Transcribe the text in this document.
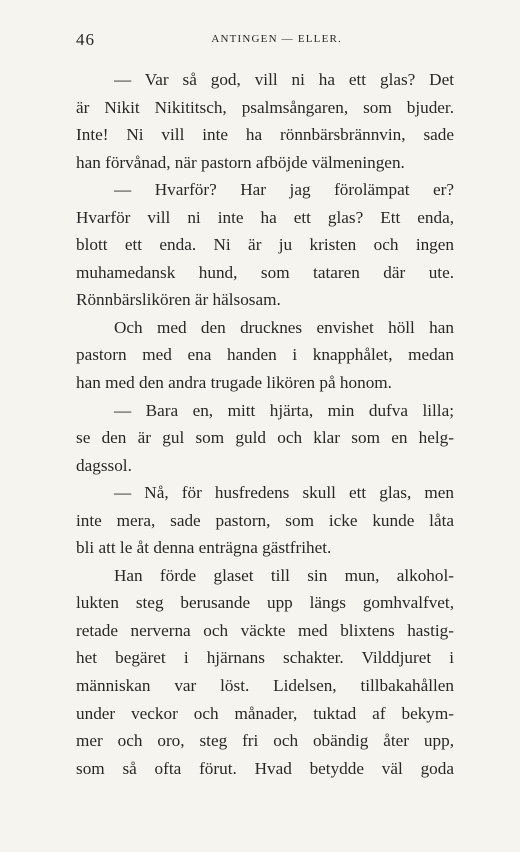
46	ANTINGEN — ELLER.
— Var så god, vill ni ha ett glas? Det
är Nikit Nikititsch, psalmsångaren, som bjuder.
Inte! Ni vill inte ha rönnbärsbrännvin, sade
han förvånad, när pastorn afböjde välmeningen.
— Hvarför? Har jag förolämpat er?
Hvarför vill ni inte ha ett glas? Ett enda,
blott ett enda. Ni är ju kristen och ingen
muhamedansk hund, som tataren där ute.
Rönnbärslikören är hälsosam.
Och med den drucknes envishet höll han
pastorn med ena handen i knapphålet, medan
han med den andra trugade likören på honom.
— Bara en, mitt hjärta, min dufva lilla;
se den är gul som guld och klar som en helg-
dagssol.
— Nå, för husfredens skull ett glas, men
inte mera, sade pastorn, som icke kunde låta
bli att le åt denna enträgna gästfrihet.
Han förde glaset till sin mun, alkohol-
lukten steg berusande upp längs gomhvalfvet,
retade nerverna och väckte med blixtens hastig-
het begäret i hjärnans schakter. Vilddjuret i
människan var löst. Lidelsen, tillbakahållen
under veckor och månader, tuktad af bekym-
mer och oro, steg fri och obändig åter upp,
som så ofta förut. Hvad betydde väl goda
